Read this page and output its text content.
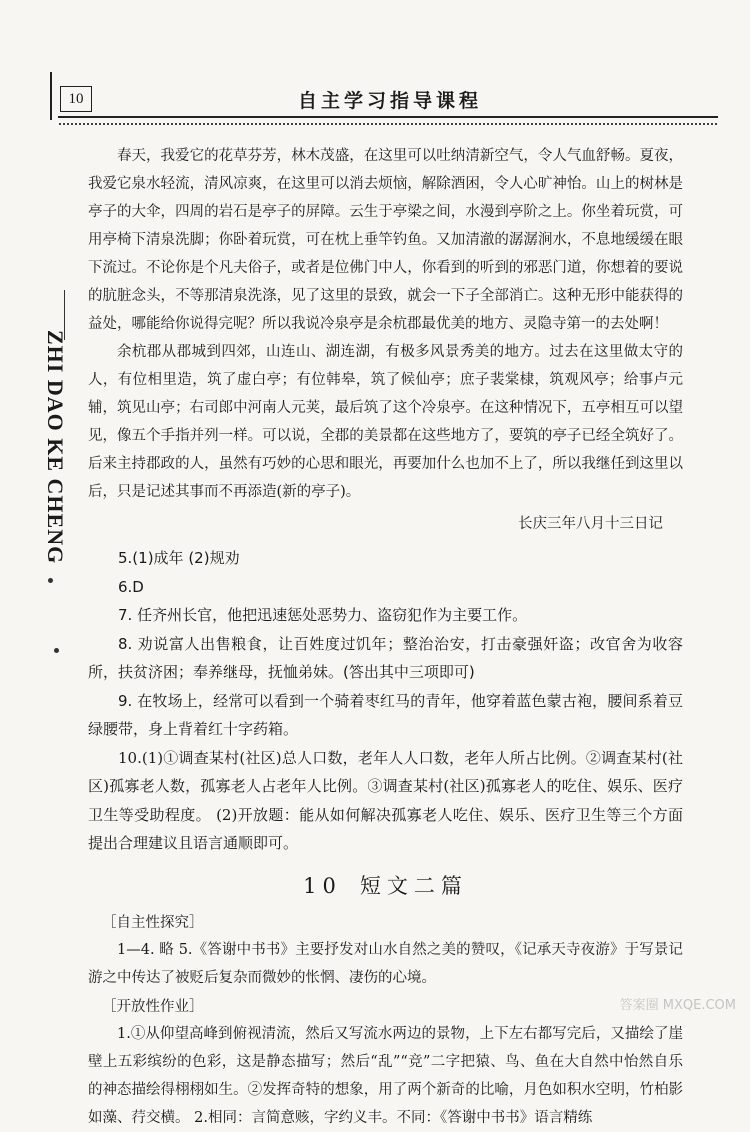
10	自主学习指导课程
ZHI DAO KE CHENG

春天，我爱它的花草芬芳，林木茂盛，在这里可以吐纳清新空气，令人气血舒畅。夏夜，我爱它泉水轻流，清风凉爽，在这里可以消去烦恼，解除酒困，令人心旷神怡。山上的树林是亭子的大伞，四周的岩石是亭子的屏障。云生于亭梁之间，水漫到亭阶之上。你坐着玩赏，可用亭椅下清泉洗脚；你卧着玩赏，可在枕上垂竿钓鱼。又加清澈的潺潺涧水，不息地缓缓在眼下流过。不论你是个凡夫俗子，或者是位佛门中人，你看到的听到的邪恶门道，你想着的要说的肮脏念头，不等那清泉洗涤，见了这里的景致，就会一下子全部消亡。这种无形中能获得的益处，哪能给你说得完呢？所以我说冷泉亭是余杭郡最优美的地方、灵隐寺第一的去处啊！

余杭郡从郡城到四郊，山连山、湖连湖，有极多风景秀美的地方。过去在这里做太守的人，有位相里造，筑了虚白亭；有位韩皋，筑了候仙亭；庶子裴棠棣，筑观风亭；给事卢元辅，筑见山亭；右司郎中河南人元荚，最后筑了这个冷泉亭。在这种情况下，五亭相互可以望见，像五个手指并列一样。可以说，全郡的美景都在这些地方了，要筑的亭子已经全筑好了。后来主持郡政的人，虽然有巧妙的心思和眼光，再要加什么也加不上了，所以我继任到这里以后，只是记述其事而不再添造(新的亭子)。

长庆三年八月十三日记

5.(1)成年 (2)规劝

6.D

7. 任齐州长官，他把迅速惩处恶势力、盗窃犯作为主要工作。

8. 劝说富人出售粮食，让百姓度过饥年；整治治安，打击豪强奸盗；改官舍为收容所，扶贫济困；奉养继母，抚恤弟妹。(答出其中三项即可)

9. 在牧场上，经常可以看到一个骑着枣红马的青年，他穿着蓝色蒙古袍，腰间系着豆绿腰带，身上背着红十字药箱。

10.(1)①调查某村(社区)总人口数，老年人人口数，老年人所占比例。②调查某村(社区)孤寡老人数，孤寡老人占老年人比例。③调查某村(社区)孤寡老人的吃住、娱乐、医疗卫生等受助程度。 (2)开放题：能从如何解决孤寡老人吃住、娱乐、医疗卫生等三个方面提出合理建议且语言通顺即可。

10 短文二篇
［自主性探究］

1—4. 略 5.《答谢中书书》主要抒发对山水自然之美的赞叹，《记承天寺夜游》于写景记游之中传达了被贬后复杂而微妙的怅惘、凄伤的心境。

［开放性作业］

1.①从仰望高峰到俯视清流，然后又写流水两边的景物，上下左右都写完后，又描绘了崖壁上五彩缤纷的色彩，这是静态描写；然后“乱”“竞”二字把猿、鸟、鱼在大自然中怡然自乐的神态描绘得栩栩如生。②发挥奇特的想象，用了两个新奇的比喻，月色如积水空明，竹柏影如藻、荇交横。 2.相同：言简意赅，字约义丰。不同：《答谢中书书》语言精练

答案圈 MXQE.COM
